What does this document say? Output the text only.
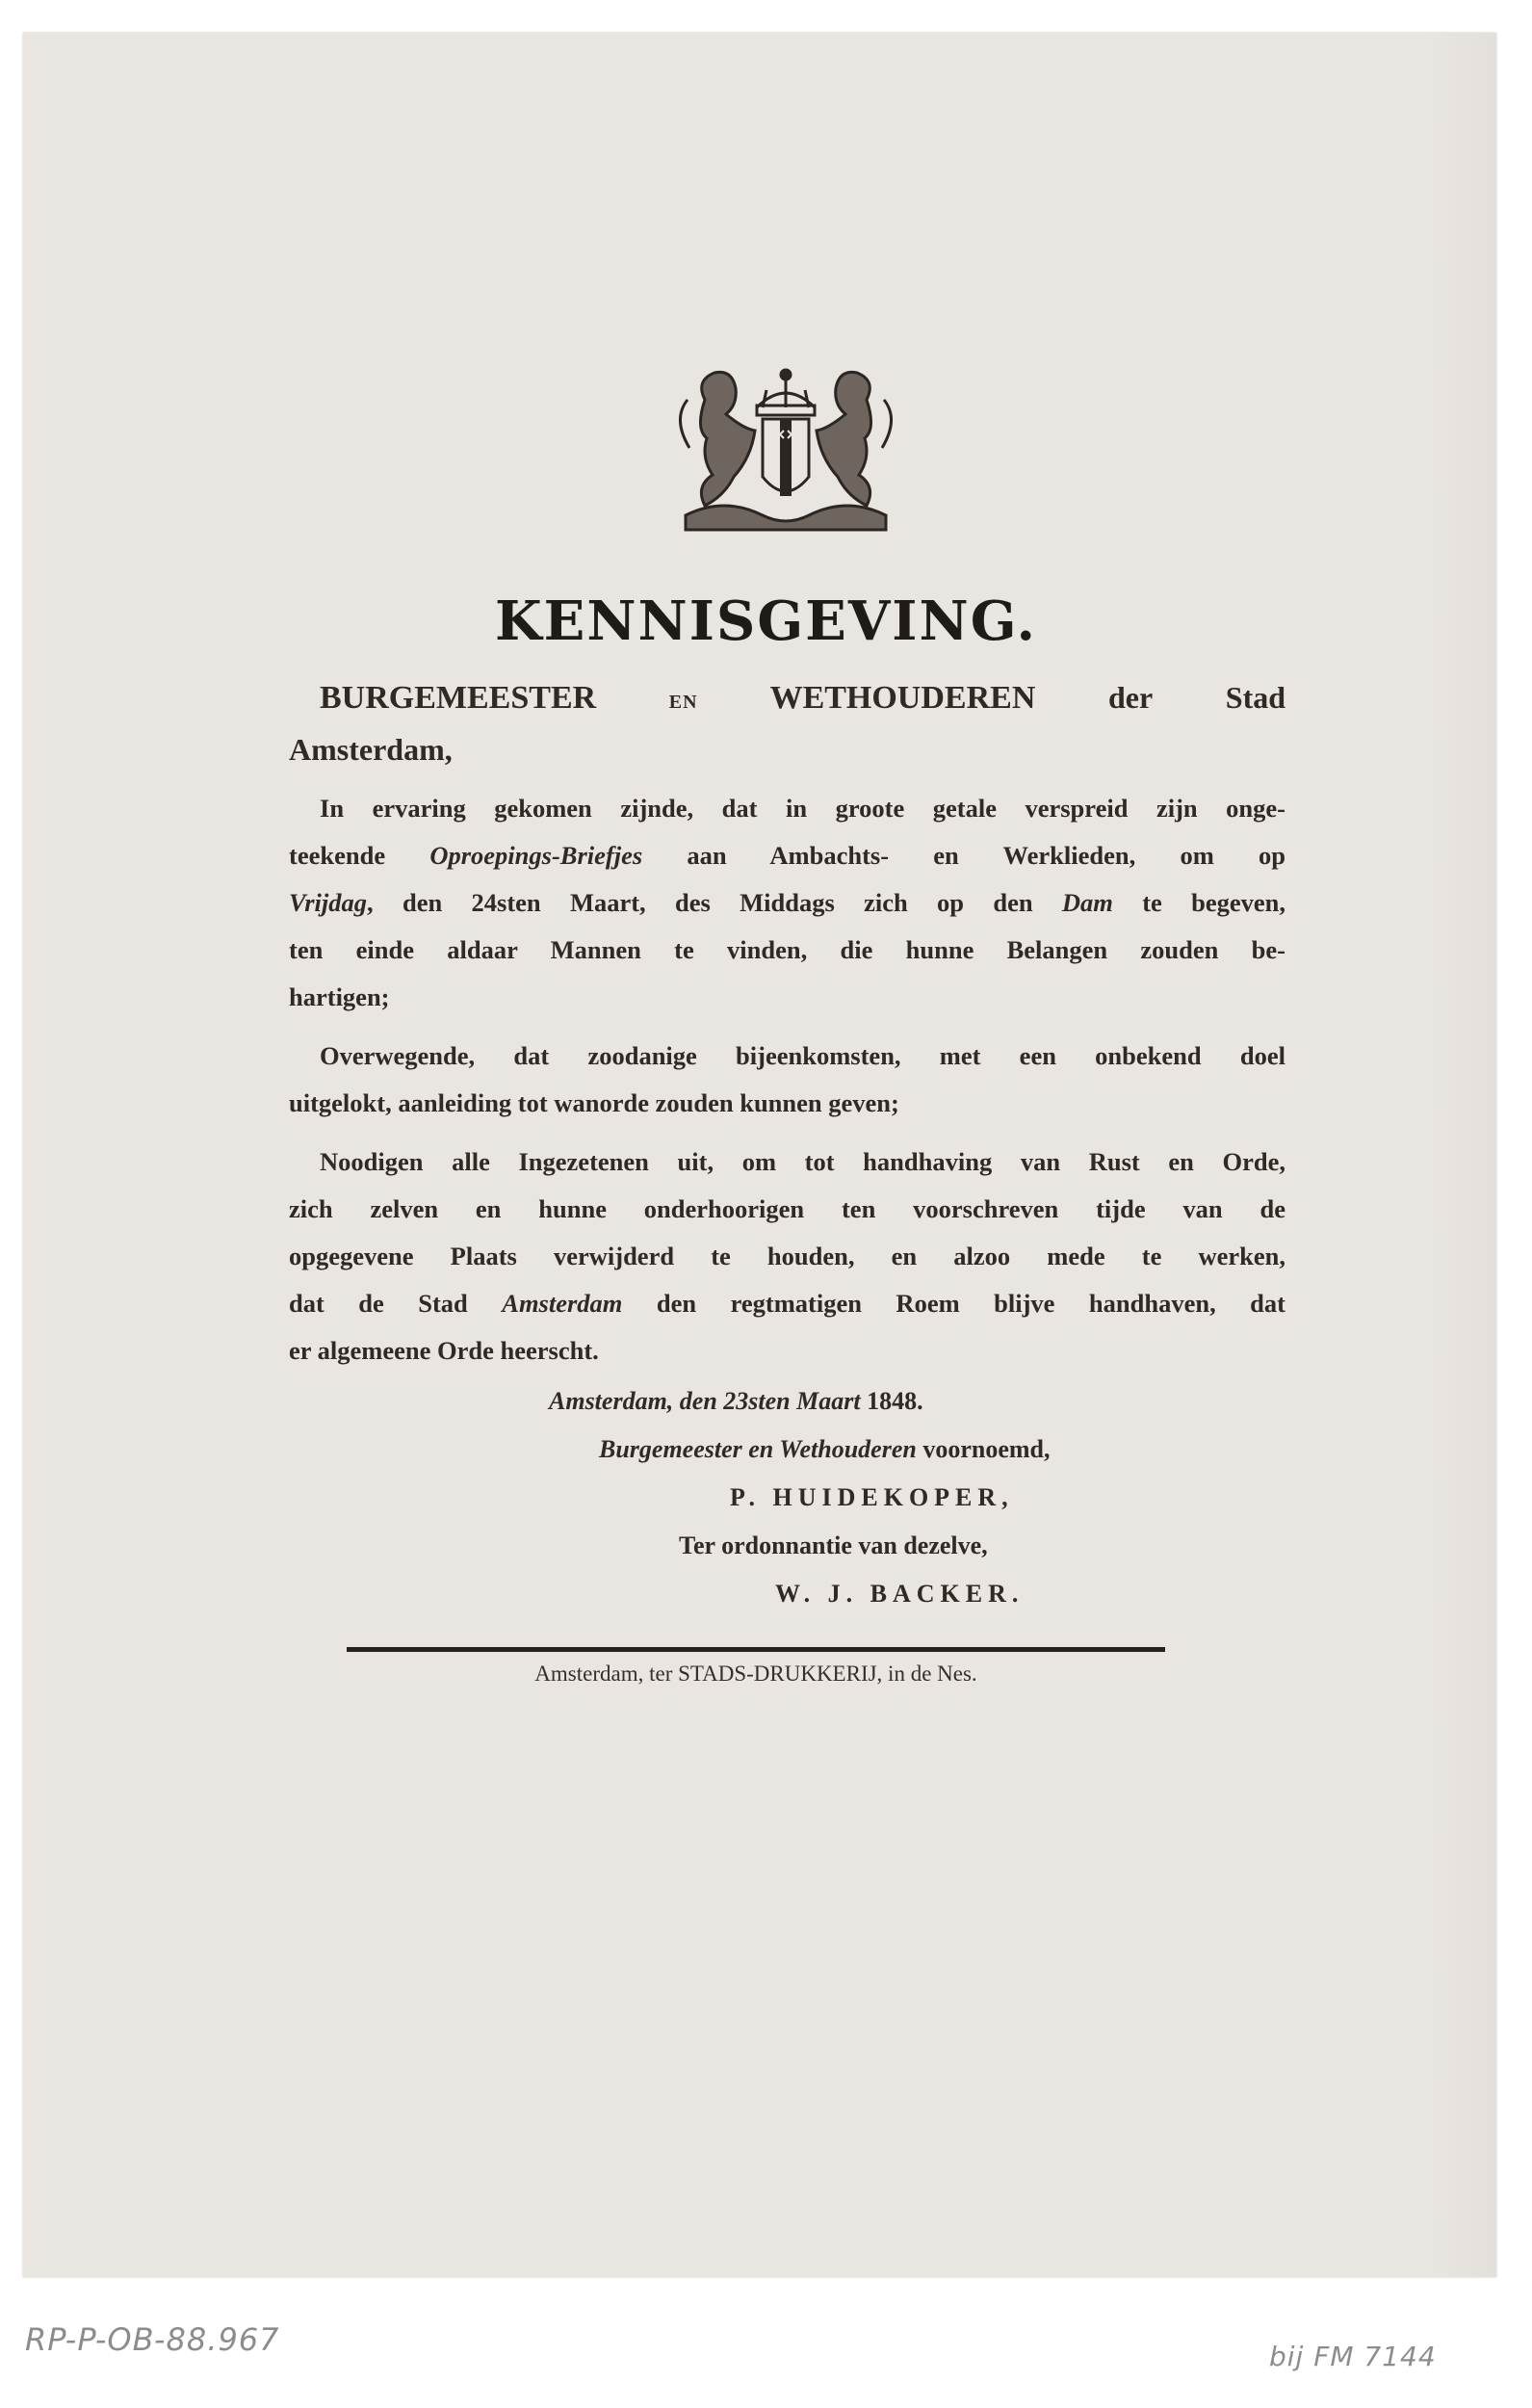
KENNISGEVING.
BURGEMEESTER	EN WETHOUDEREN der Stad
Amsterdam,
In ervaring gekomen zijnde, dat in groote getale verspreid zijn onge-
teekende Oproepings-Briefjes aan Ambachts- en Werklieden, om op
Vrijdag, den 24sten Maart, des Middags zich op den Dam te begeven,
ten einde aldaar Mannen te vinden, die hunne Belangen zouden be-
hartigen;
Overwegende, dat zoodanige bijeenkomsten, met een onbekend doel
uitgelokt, aanleiding tot wanorde zouden kunnen geven;
Noodigen alle Ingezetenen uit, om tot handhaving van Rust en Orde,
zich zelven en hunne onderhoorigen ten voorschreven tijde van de
opgegevene Plaats verwijderd te houden, en alzoo mede te werken,
dat de Stad Amsterdam den regtmatigen Roem blijve handhaven, dat
er algemeene Orde heerscht.
Amsterdam, den 23sten Maart 1848.
Burgemeester en Wethouderen voornoemd,
P. HUIDEKOPER,
Ter ordonnantie van dezelve,
W. J. BACKER.
Amsterdam, ter STADS-DRUKKERIJ, in de Nes.
RP-P-OB-88.967	bij FM 7144
